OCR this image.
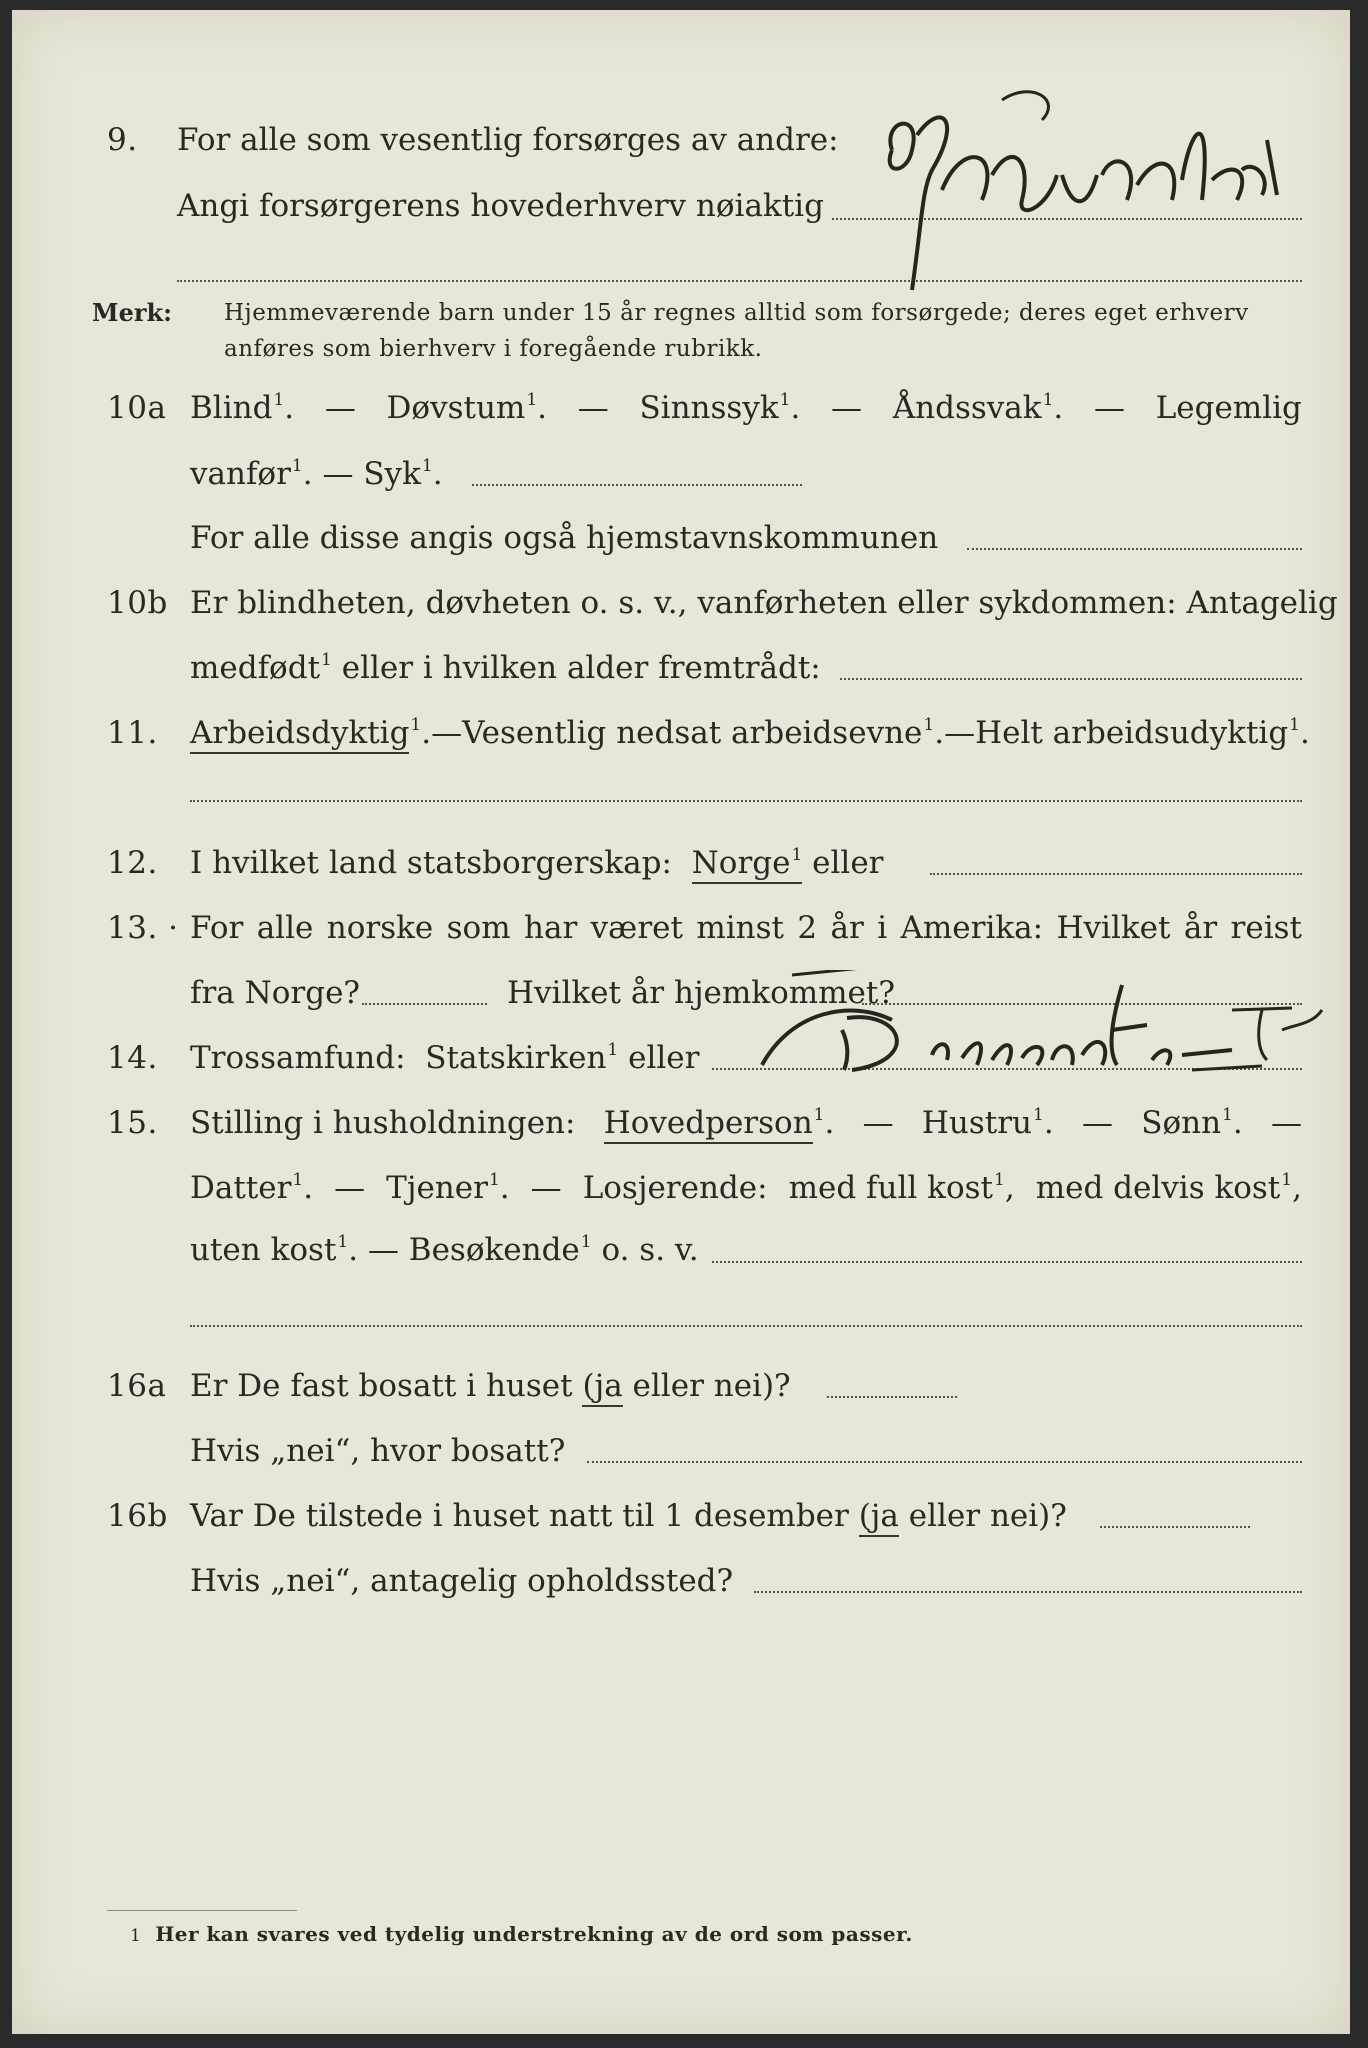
9. For alle som vesentlig forsørges av andre:
Angi forsørgerens hovederhverv nøiaktig
Merk: Hjemmeværende barn under 15 år regnes alltid som forsørgede; deres eget erhverv
anføres som bierhverv i foregående rubrikk.
10a Blind$^1$. — Døvstum$^1$. — Sinnssyk$^1$. — Åndssvak$^1$. — Legemlig
vanfør$^1$. — Syk$^1$.
For alle disse angis også hjemstavnskommunen
10b Er blindheten, døvheten o. s. v., vanførheten eller sykdommen: Antagelig
medfødt$^1$ eller i hvilken alder fremtrådt:
11. Arbeidsdyktig$^1$. — Vesentlig nedsat arbeidsevne$^1$. — Helt arbeidsudyktig$^1$.
12. I hvilket land statsborgerskap: Norge$^1$ eller
13. · For alle norske som har været minst 2 år i Amerika: Hvilket år reist
fra Norge?	Hvilket år hjemkommet?
14. Trossamfund: Statskirken$^1$ eller
15. Stilling i husholdningen: Hovedperson$^1$. — Hustru$^1$. — Sønn$^1$. —
Datter$^1$. — Tjener$^1$. — Losjerende: med full kost$^1$, med delvis kost$^1$,
uten kost$^1$. — Besøkende$^1$ o. s. v.
16a Er De fast bosatt i huset (ja eller nei)?
Hvis „nei“, hvor bosatt?
16b Var De tilstede i huset natt til 1 desember (ja eller nei)?
Hvis „nei“, antagelig opholdssted?
1 Her kan svares ved tydelig understrekning av de ord som passer.
